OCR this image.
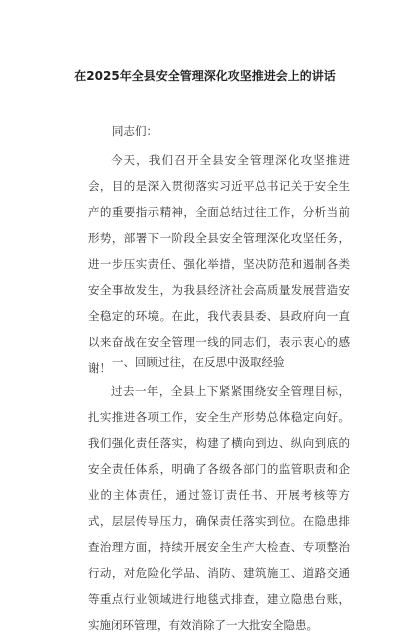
在2025年全县安全管理深化攻坚推进会上的讲话
同志们：
今天，我们召开全县安全管理深化攻坚推进会，目的是深入贯彻落实习近平总书记关于安全生产的重要指示精神，全面总结过往工作，分析当前形势，部署下一阶段全县安全管理深化攻坚任务，进一步压实责任、强化举措，坚决防范和遏制各类安全事故发生，为我县经济社会高质量发展营造安全稳定的环境。在此，我代表县委、县政府向一直以来奋战在安全管理一线的同志们，表示衷心的感谢！ 一、回顾过往，在反思中汲取经验
过去一年，全县上下紧紧围绕安全管理目标，扎实推进各项工作，安全生产形势总体稳定向好。我们强化责任落实，构建了横向到边、纵向到底的安全责任体系，明确了各级各部门的监管职责和企业的主体责任，通过签订责任书、开展考核等方式，层层传导压力，确保责任落实到位。在隐患排查治理方面，持续开展安全生产大检查、专项整治行动，对危险化学品、消防、建筑施工、道路交通等重点行业领域进行地毯式排查，建立隐患台账，实施闭环管理，有效消除了一大批安全隐患。
